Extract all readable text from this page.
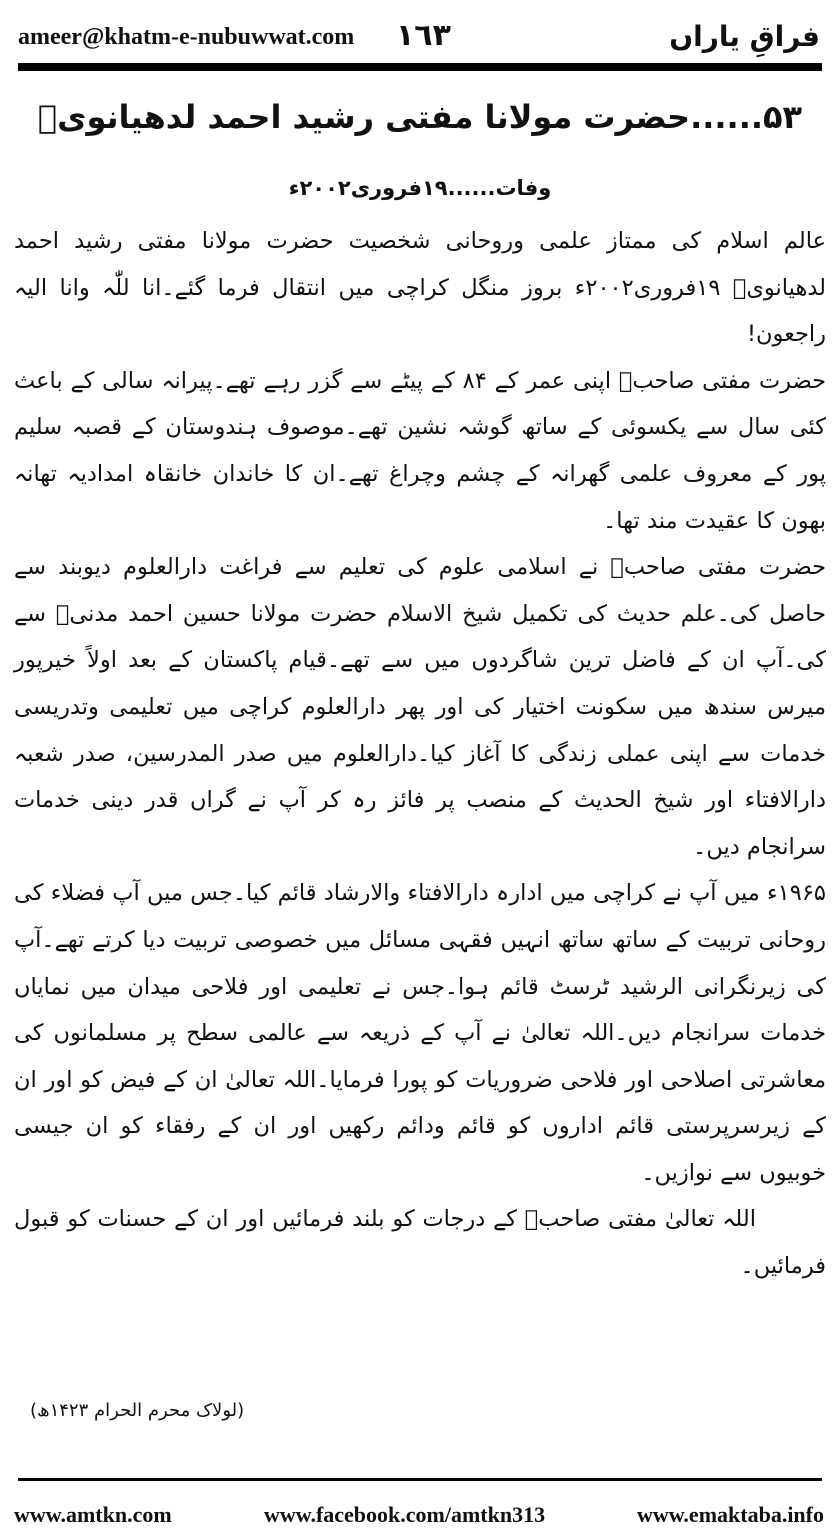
ameer@khatm-e-nubuwwat.com ١٦٣	فراقِ یاراں
۵۳......حضرت مولانا مفتی رشید احمد لدھیانویؒ
وفات......۱۹فروری۲۰۰۲ء

عالم اسلام کی ممتاز علمی وروحانی شخصیت حضرت مولانا مفتی رشید احمد لدھیانویؒ ۱۹فروری۲۰۰۲ء بروز منگل کراچی میں انتقال فرما گئے۔انا للّٰہ وانا الیہ راجعون!

حضرت مفتی صاحبؒ اپنی عمر کے ۸۴ کے پیٹے سے گزر رہے تھے۔پیرانہ سالی کے باعث کئی سال سے یکسوئی کے ساتھ گوشہ نشین تھے۔موصوف ہندوستان کے قصبہ سلیم پور کے معروف علمی گھرانہ کے چشم وچراغ تھے۔ان کا خاندان خانقاہ امدادیہ تھانہ بھون کا عقیدت مند تھا۔

حضرت مفتی صاحبؒ نے اسلامی علوم کی تعلیم سے فراغت دارالعلوم دیوبند سے حاصل کی۔علم حدیث کی تکمیل شیخ الاسلام حضرت مولانا حسین احمد مدنیؒ سے کی۔آپ ان کے فاضل ترین شاگردوں میں سے تھے۔قیام پاکستان کے بعد اولاً خیرپور میرس سندھ میں سکونت اختیار کی اور پھر دارالعلوم کراچی میں تعلیمی وتدریسی خدمات سے اپنی عملی زندگی کا آغاز کیا۔دارالعلوم میں صدر المدرسین، صدر شعبہ دارالافتاء اور شیخ الحدیث کے منصب پر فائز رہ کر آپ نے گراں قدر دینی خدمات سرانجام دیں۔

۱۹۶۵ء میں آپ نے کراچی میں ادارہ دارالافتاء والارشاد قائم کیا۔جس میں آپ فضلاء کی روحانی تربیت کے ساتھ ساتھ انہیں فقہی مسائل میں خصوصی تربیت دیا کرتے تھے۔آپ کی زیرنگرانی الرشید ٹرسٹ قائم ہوا۔جس نے تعلیمی اور فلاحی میدان میں نمایاں خدمات سرانجام دیں۔اللہ تعالیٰ نے آپ کے ذریعہ سے عالمی سطح پر مسلمانوں کی معاشرتی اصلاحی اور فلاحی ضروریات کو پورا فرمایا۔اللہ تعالیٰ ان کے فیض کو اور ان کے زیرسرپرستی قائم اداروں کو قائم ودائم رکھیں اور ان کے رفقاء کو ان جیسی خوبیوں سے نوازیں۔

اللہ تعالیٰ مفتی صاحبؒ کے درجات کو بلند فرمائیں اور ان کے حسنات کو قبول فرمائیں۔

(لولاک محرم الحرام ۱۴۲۳ھ)
www.amtkn.com	www.facebook.com/amtkn313	www.emaktaba.info
